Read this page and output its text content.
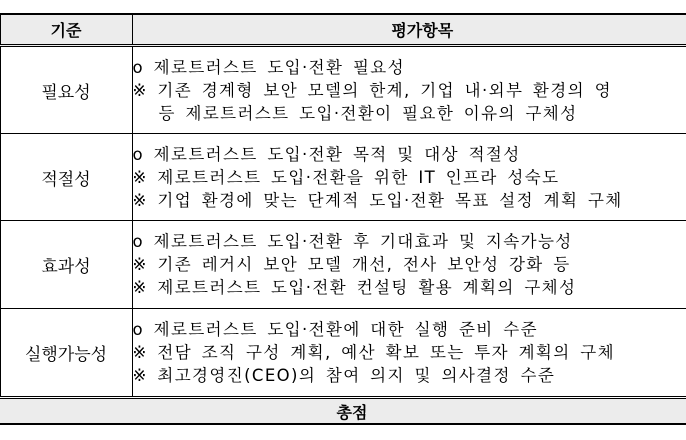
	기준	평가항목
	필요성	o 제로트러스트 도입·전환 필요성
※ 기존 경계형 보안 모델의 한계, 기업 내·외부 환경의 영
등 제로트러스트 도입·전환이 필요한 이유의 구체성

	적절성	o 제로트러스트 도입·전환 목적 및 대상 적절성
※ 제로트러스트 도입·전환을 위한 IT 인프라 성숙도
※ 기업 환경에 맞는 단계적 도입·전환 목표 설정 계획 구체

	효과성	o 제로트러스트 도입·전환 후 기대효과 및 지속가능성
※ 기존 레거시 보안 모델 개선, 전사 보안성 강화 등
※ 제로트러스트 도입·전환 컨설팅 활용 계획의 구체성

	실행가능성	o 제로트러스트 도입·전환에 대한 실행 준비 수준
※ 전담 조직 구성 계획, 예산 확보 또는 투자 계획의 구체
※ 최고경영진(CEO)의 참여 의지 및 의사결정 수준

총점		
